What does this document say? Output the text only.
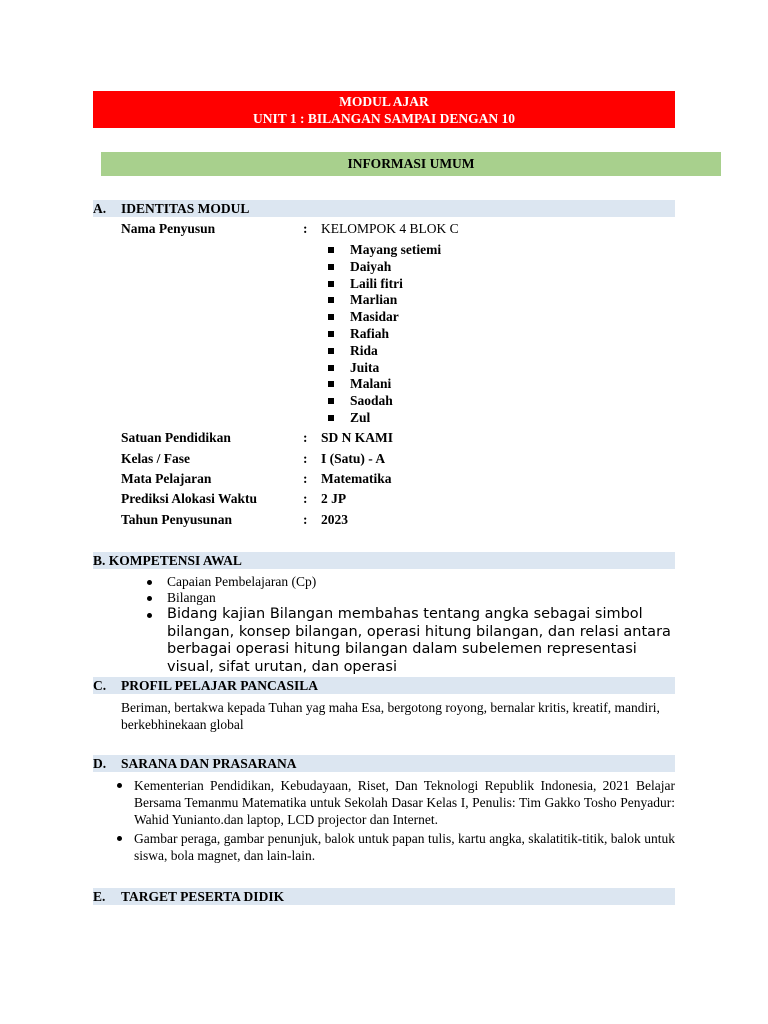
MODUL AJAR
UNIT 1 : BILANGAN SAMPAI DENGAN 10
INFORMASI UMUM
A. IDENTITAS MODUL
Nama Penyusun	: KELOMPOK 4 BLOK C
Mayang setiemi
Daiyah
Laili fitri
Marlian
Masidar
Rafiah
Rida
Juita
Malani
Saodah
Zul
Satuan Pendidikan	: SD N KAMI
Kelas / Fase	: I (Satu) - A
Mata Pelajaran	: Matematika
Prediksi Alokasi Waktu	: 2 JP
Tahun Penyusunan	: 2023
B. KOMPETENSI AWAL
Capaian Pembelajaran (Cp)
Bilangan
Bidang kajian Bilangan membahas tentang angka sebagai simbol bilangan, konsep bilangan, operasi hitung bilangan, dan relasi antara berbagai operasi hitung bilangan dalam subelemen representasi visual, sifat urutan, dan operasi
C. PROFIL PELAJAR PANCASILA
Beriman, bertakwa kepada Tuhan yag maha Esa, bergotong royong, bernalar kritis, kreatif, mandiri, berkebhinekaan global
D. SARANA DAN PRASARANA
Kementerian Pendidikan, Kebudayaan, Riset, Dan Teknologi Republik Indonesia, 2021 Belajar Bersama Temanmu Matematika untuk Sekolah Dasar Kelas I, Penulis: Tim Gakko Tosho Penyadur: Wahid Yunianto.dan laptop, LCD projector dan Internet.
Gambar peraga, gambar penunjuk, balok untuk papan tulis, kartu angka, skalatitik-titik, balok untuk siswa, bola magnet, dan lain-lain.
E. TARGET PESERTA DIDIK
